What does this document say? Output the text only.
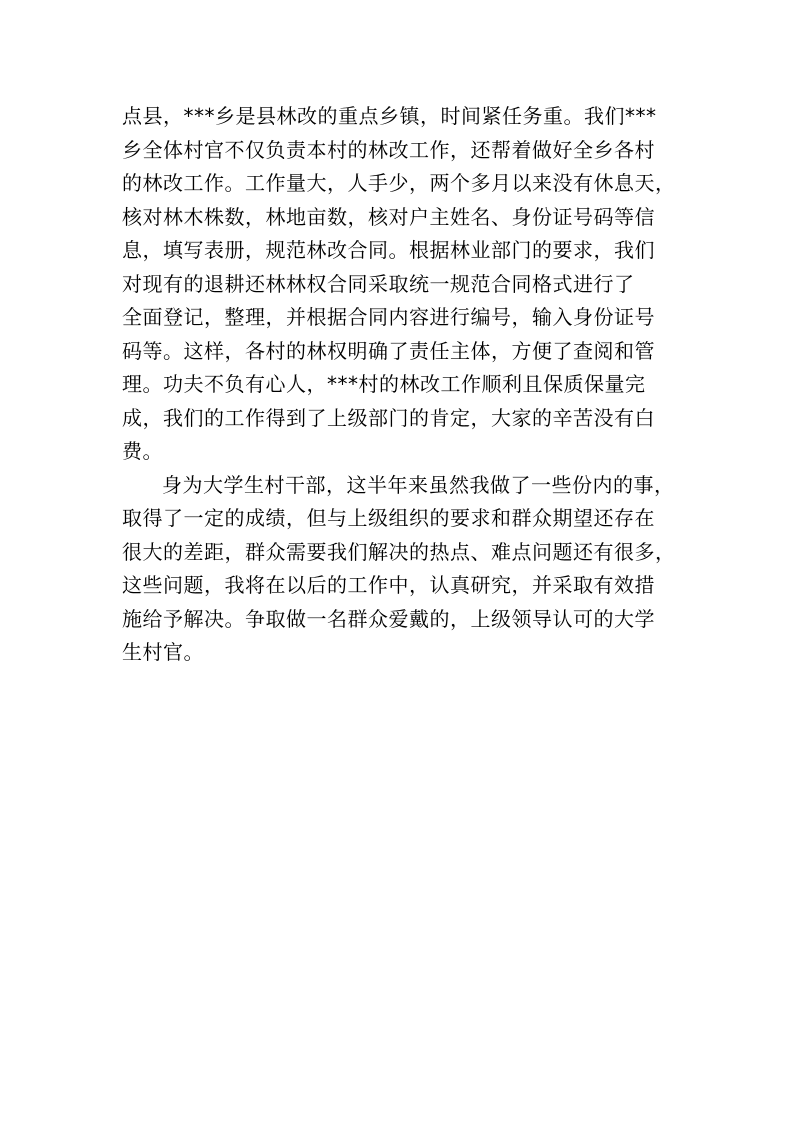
点县，***乡是县林改的重点乡镇，时间紧任务重。我们***
乡全体村官不仅负责本村的林改工作，还帮着做好全乡各村
的林改工作。工作量大，人手少，两个多月以来没有休息天，
核对林木株数，林地亩数，核对户主姓名、身份证号码等信
息，填写表册，规范林改合同。根据林业部门的要求，我们
对现有的退耕还林林权合同采取统一规范合同格式进行了
全面登记，整理，并根据合同内容进行编号，输入身份证号
码等。这样，各村的林权明确了责任主体，方便了查阅和管
理。功夫不负有心人，***村的林改工作顺利且保质保量完
成，我们的工作得到了上级部门的肯定，大家的辛苦没有白
费。
身为大学生村干部，这半年来虽然我做了一些份内的事，
取得了一定的成绩，但与上级组织的要求和群众期望还存在
很大的差距，群众需要我们解决的热点、难点问题还有很多，
这些问题，我将在以后的工作中，认真研究，并采取有效措
施给予解决。争取做一名群众爱戴的，上级领导认可的大学
生村官。
